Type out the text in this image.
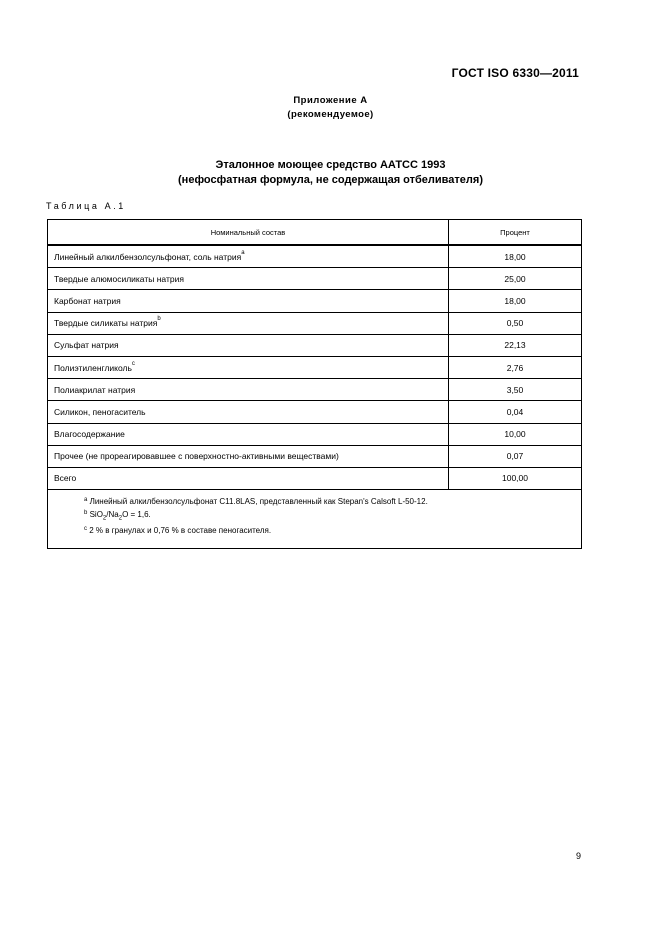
ГОСТ ISO 6330—2011
Приложение А
(рекомендуемое)
Эталонное моющее средство ААТСС 1993
(нефосфатная формула, не содержащая отбеливателя)
Таблица А.1
Номинальный состав	Процент
Линейный алкилбензолсульфонат, соль натрия$^a$	18,00
Твердые алюмосиликаты натрия	25,00
Карбонат натрия	18,00
Твердые силикаты натрия$^b$	0,50
Сульфат натрия	22,13
Полиэтиленгликоль$^c$	2,76
Полиакрилат натрия	3,50
Силикон, пеногаситель	0,04
Влагосодержание	10,00
Прочее (не прореагировавшее с поверхностно-активными веществами)	0,07
Всего	100,00

$^a$ Линейный алкилбензолсульфонат С11.8LAS, представленный как Stepan's Calsoft L-50-12.
$^b$ $SiO_2/Na_2O = 1,6$.
$^c$ 2 % в гранулах и 0,76 % в составе пеногасителя.	
9
